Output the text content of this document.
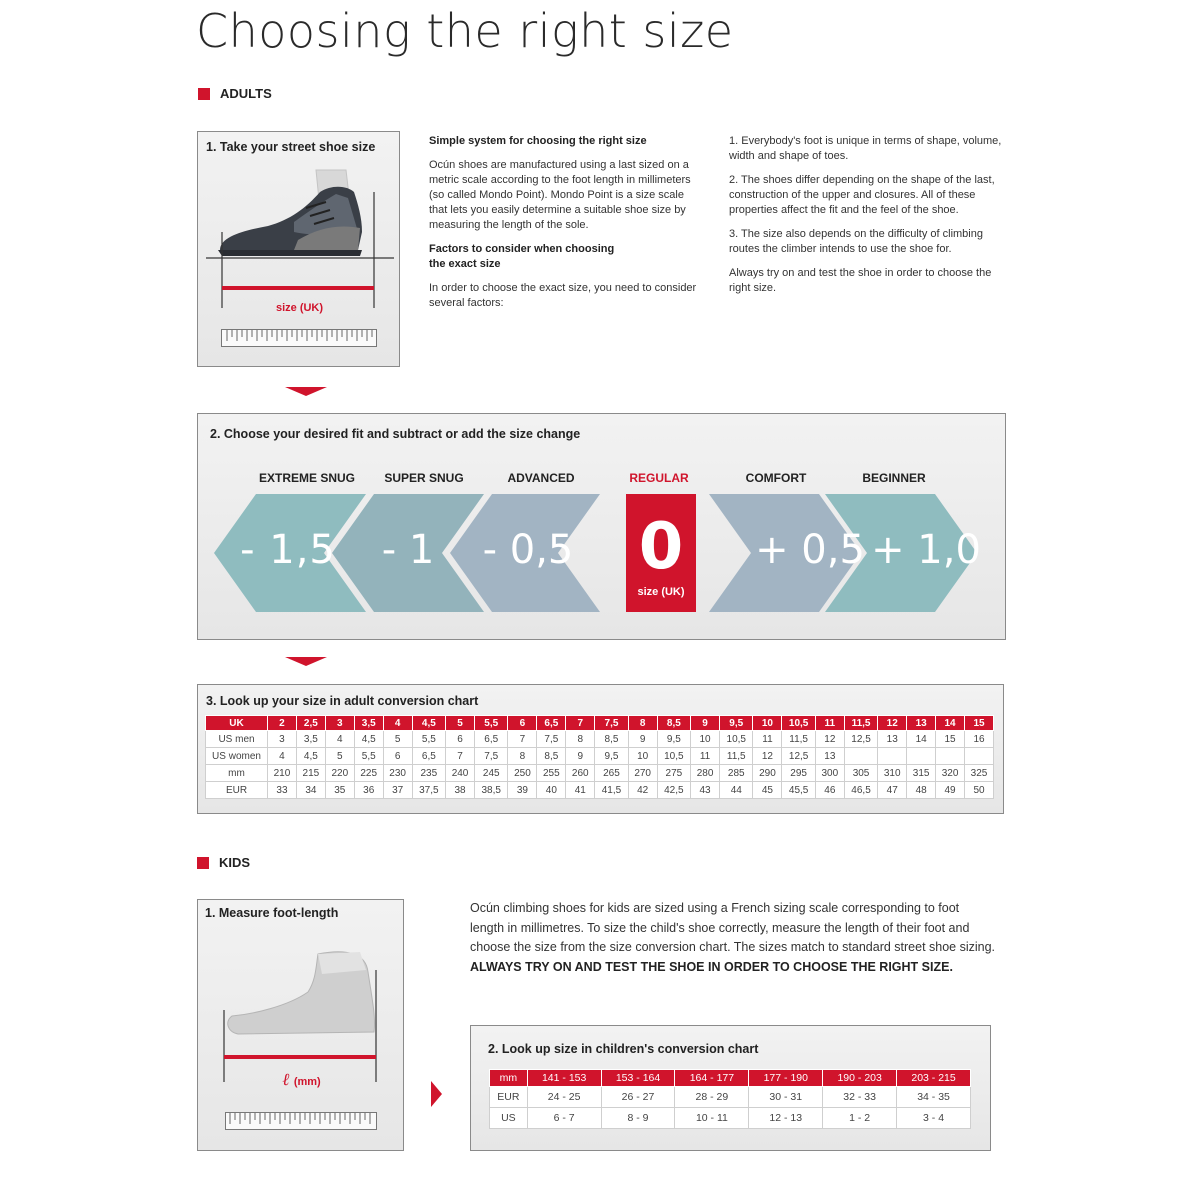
Choosing the right size
ADULTS
1. Take your street shoe size
size (UK)

Simple system for choosing the right size

Ocún shoes are manufactured using a last sized on a metric scale according to the foot length in millimeters (so called Mondo Point). Mondo Point is a size scale that lets you easily determine a suitable shoe size by measuring the length of the sole.

Factors to consider when choosing the exact size

In order to choose the exact size, you need to consider several factors:

1. Everybody's foot is unique in terms of shape, volume, width and shape of toes.

2. The shoes differ depending on the shape of the last, construction of the upper and closures. All of these properties affect the fit and the feel of the shoe.

3. The size also depends on the difficulty of climbing routes the climber intends to use the shoe for.

Always try on and test the shoe in order to choose the right size.

2. Choose your desired fit and subtract or add the size change
EXTREME SNUG	SUPER SNUG	ADVANCED	REGULAR	COMFORT	BEGINNER
- 1,5	- 1	- 0,5	0
size (UK)
+ 0,5 + 1,0
3. Look up your size in adult conversion chart
UK	2	2,5	3	3,5	4	4,5	5	5,5	6	6,5	7	7,5	8	8,5	9	9,5	10	10,5	11	11,5	12	13	14	15
US men	3	3,5	4	4,5	5	5,5	6	6,5	7	7,5	8	8,5	9	9,5	10	10,5	11	11,5	12	12,5	13	14	15	16
US women	4	4,5	5	5,5	6	6,5	7	7,5	8	8,5	9	9,5	10	10,5	11	11,5	12	12,5	13					
mm	210	215	220	225	230	235	240	245	250	255	260	265	270	275	280	285	290	295	300	305	310	315	320	325
EUR	33	34	35	36	37	37,5	38	38,5	39	40	41	41,5	42	42,5	43	44	45	45,5	46	46,5	47	48	49	50
KIDS
1. Measure foot-length
ℓ (mm)
Ocún climbing shoes for kids are sized using a French sizing scale corresponding to foot length in millimetres. To size the child's shoe correctly, measure the length of their foot and choose the size from the size conversion chart. The sizes match to standard street shoe sizing.
ALWAYS TRY ON AND TEST THE SHOE IN ORDER TO CHOOSE THE RIGHT SIZE.
2. Look up size in children's conversion chart
mm	141 - 153	153 - 164	164 - 177	177 - 190	190 - 203	203 - 215
EUR	24 - 25	26 - 27	28 - 29	30 - 31	32 - 33	34 - 35
US	6 - 7	8 - 9	10 - 11	12 - 13	1 - 2	3 - 4
